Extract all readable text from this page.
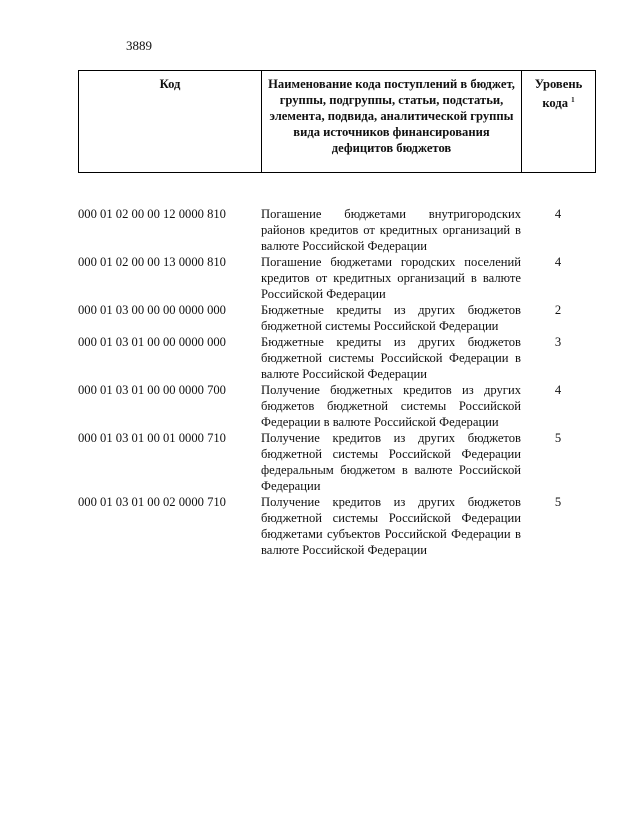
3889
Код	Наименование кода поступлений в бюджет, группы, подгруппы, статьи, подстатьи, элемента, подвида, аналитической группы вида источников финансирования дефицитов бюджетов	Уровень кода $^1$
000 01 02 00 00 12 0000 810	Погашение бюджетами внутригородских районов кредитов от кредитных организаций в валюте Российской Федерации	4
000 01 02 00 00 13 0000 810	Погашение бюджетами городских поселений кредитов от кредитных организаций в валюте Российской Федерации	4
000 01 03 00 00 00 0000 000	Бюджетные кредиты из других бюджетов бюджетной системы Российской Федерации	2
000 01 03 01 00 00 0000 000	Бюджетные кредиты из других бюджетов бюджетной системы Российской Федерации в валюте Российской Федерации	3
000 01 03 01 00 00 0000 700	Получение бюджетных кредитов из других бюджетов бюджетной системы Российской Федерации в валюте Российской Федерации	4
000 01 03 01 00 01 0000 710	Получение кредитов из других бюджетов бюджетной системы Российской Федерации федеральным бюджетом в валюте Российской Федерации	5
000 01 03 01 00 02 0000 710	Получение кредитов из других бюджетов бюджетной системы Российской Федерации бюджетами субъектов Российской Федерации в валюте Российской Федерации	5
